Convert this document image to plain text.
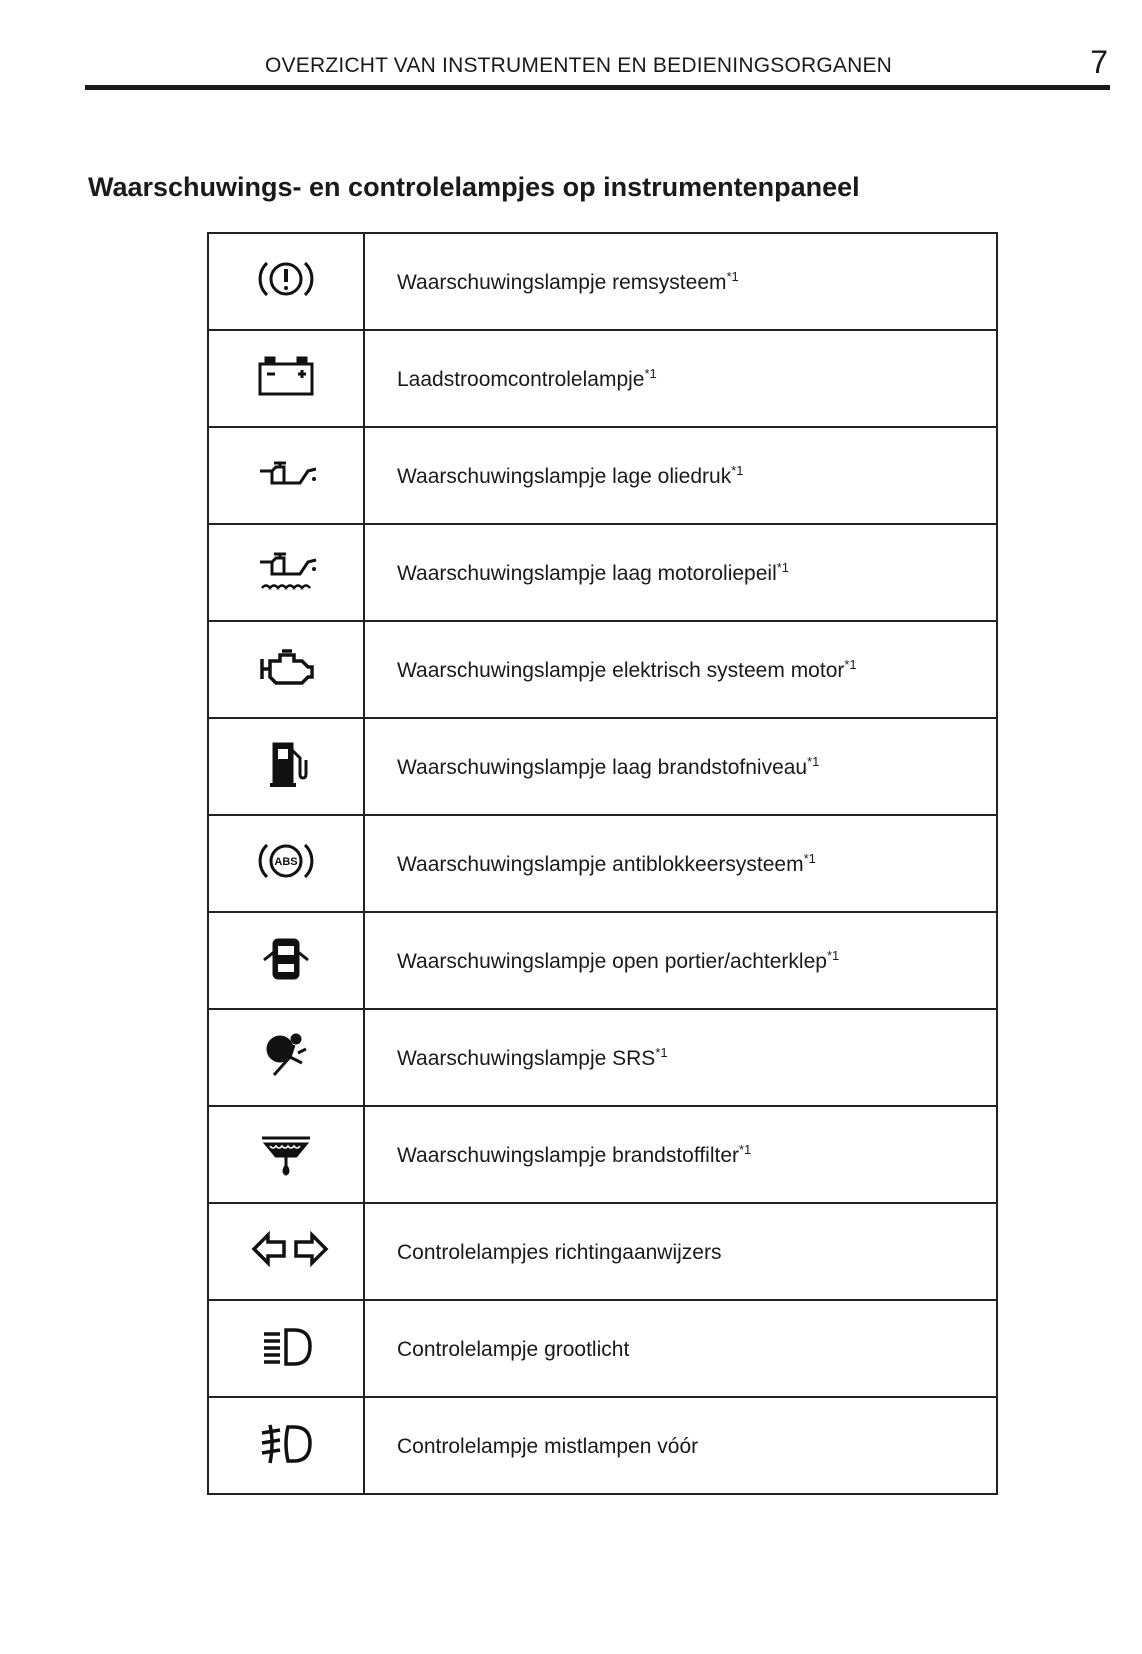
OVERZICHT VAN INSTRUMENTEN EN BEDIENINGSORGANEN	7
Waarschuwings- en controlelampjes op instrumentenpaneel
	Waarschuwingslampje remsysteem$^{*1}$

	Laadstroomcontrolelampje$^{*1}$

	Waarschuwingslampje lage oliedruk$^{*1}$

	Waarschuwingslampje laag motoroliepeil$^{*1}$

	Waarschuwingslampje elektrisch systeem motor$^{*1}$

	Waarschuwingslampje laag brandstofniveau$^{*1}$

ABS	Waarschuwingslampje antiblokkeersysteem$^{*1}$

	Waarschuwingslampje open portier/achterklep$^{*1}$

	Waarschuwingslampje SRS$^{*1}$

	Waarschuwingslampje brandstoffilter$^{*1}$

	Controlelampjes richtingaanwijzers

	Controlelampje grootlicht

	Controlelampje mistlampen vóór
